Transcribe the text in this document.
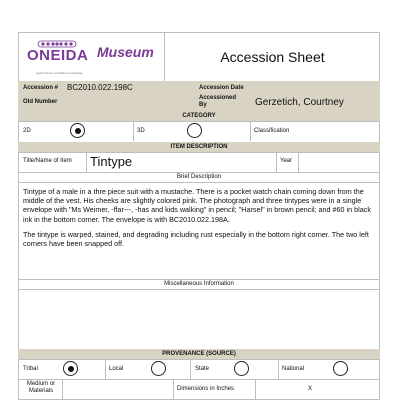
ONEIDA
Ayelunh∧kw Lyanitiale Lonstúnaha
Museum	Accession Sheet
Accession # BC2010.022.198C	Accession Date
Old Number
Accessioned By	Gerzetich, Courtney
CATEGORY
2D	3D	Classification
ITEM DESCRIPTION
Title/Name of Item Tintype	Year
Brief Description

Tintype of a male in a thre piece suit with a mustache. There is a pocket watch chain coming down from the middle of the vest. His cheeks are slightly colored pink. The photograph and three tintypes were in a single envelope with "Ms Weimer, -ffar---, -has and kids walking" in pencil; "Harsel" in brown pencil; and #60 in black ink in the bottom corner. The envelope is with BC2010.022.198A.

The tintype is warped, stained, and degrading including rust especially in the bottom right corner. The two left corners have been snapped off.

Miscellaneous Information
PROVENANCE (SOURCE)
Tribal	Local	State	National
Medium or Materials	Dimensions in Inches	X
